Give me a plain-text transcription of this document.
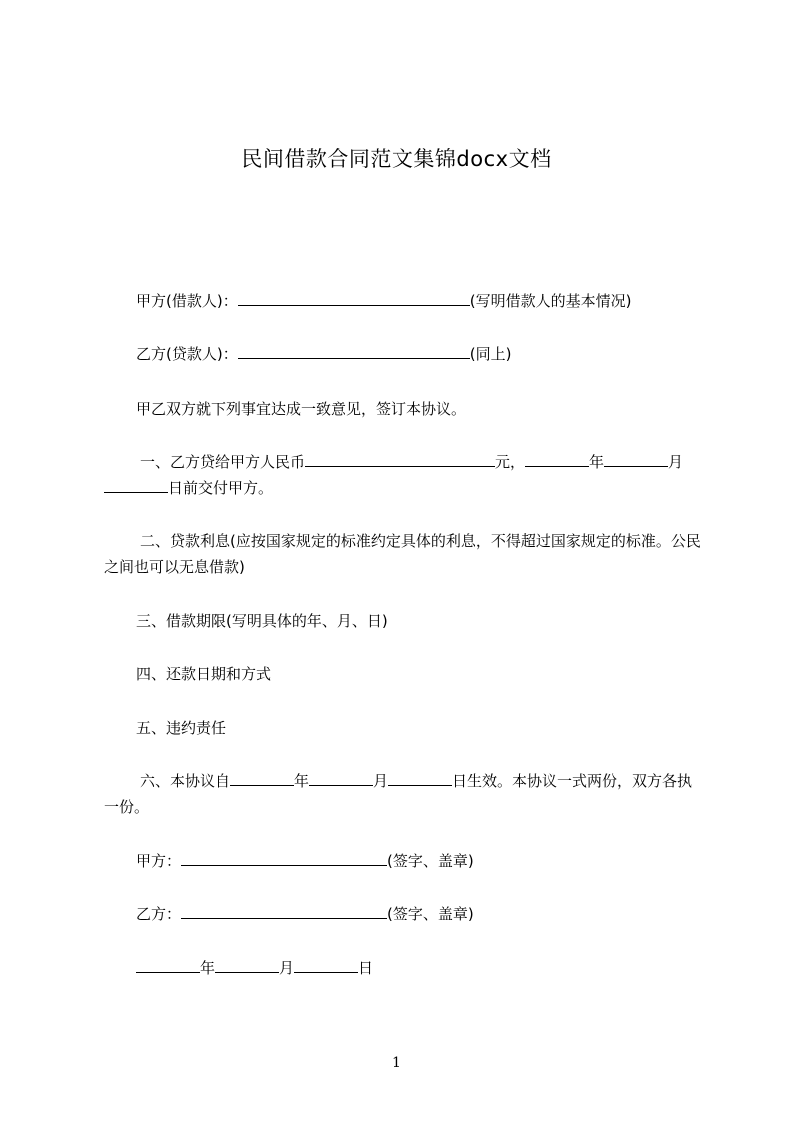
民间借款合同范文集锦docx文档
甲方(借款人)：	(写明借款人的基本情况)
乙方(贷款人)：	(同上)
甲乙双方就下列事宜达成一致意见，签订本协议。
一、乙方贷给甲方人民币	元，	年	月
日前交付甲方。
二、贷款利息(应按国家规定的标准约定具体的利息，不得超过国家规定的标准。公民之间也可以无息借款)
三、借款期限(写明具体的年、月、日)
四、还款日期和方式
五、违约责任
六、本协议自	年	月	日生效。本协议一式两份，双方各执一份。
甲方：	(签字、盖章)
乙方：	(签字、盖章)
年	月	日
1
